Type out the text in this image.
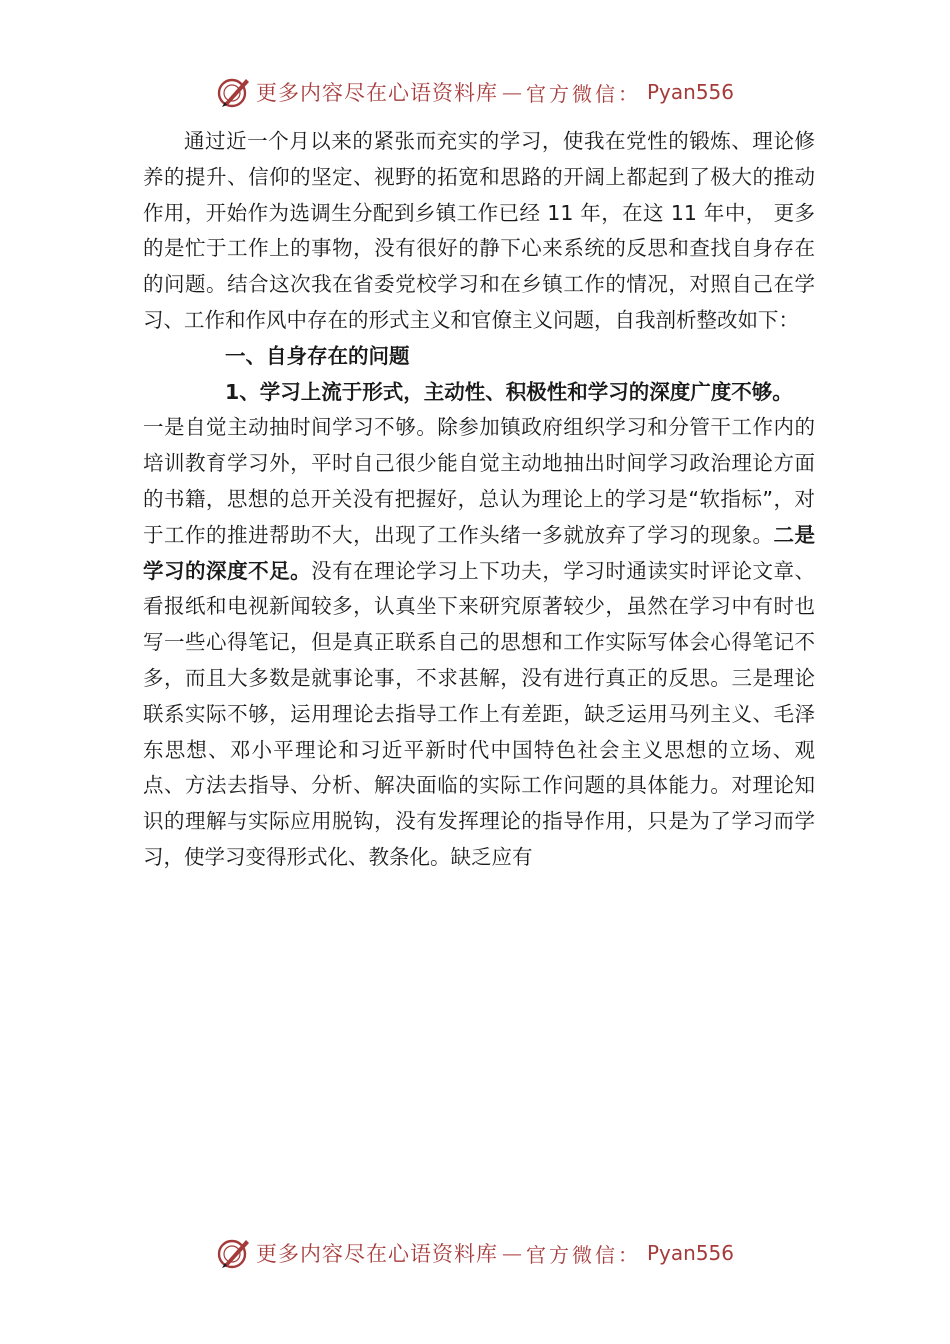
更多内容尽在心语资料库 — 官方微信： Pyan556

通过近一个月以来的紧张而充实的学习，使我在党性的锻炼、理论修养的提升、信仰的坚定、视野的拓宽和思路的开阔上都起到了极大的推动作用，开始作为选调生分配到乡镇工作已经 11 年，在这 11 年中， 更多的是忙于工作上的事物，没有很好的静下心来系统的反思和查找自身存在的问题。结合这次我在省委党校学习和在乡镇工作的情况，对照自己在学习、工作和作风中存在的形式主义和官僚主义问题，自我剖析整改如下：

一、自身存在的问题

1、学习上流于形式，主动性、积极性和学习的深度广度不够。

一是自觉主动抽时间学习不够。除参加镇政府组织学习和分管干工作内的培训教育学习外，平时自己很少能自觉主动地抽出时间学习政治理论方面的书籍，思想的总开关没有把握好，总认为理论上的学习是“软指标”，对于工作的推进帮助不大，出现了工作头绪一多就放弃了学习的现象。二是学习的深度不足。没有在理论学习上下功夫，学习时通读实时评论文章、看报纸和电视新闻较多，认真坐下来研究原著较少，虽然在学习中有时也写一些心得笔记，但是真正联系自己的思想和工作实际写体会心得笔记不多，而且大多数是就事论事，不求甚解，没有进行真正的反思。三是理论联系实际不够，运用理论去指导工作上有差距，缺乏运用马列主义、毛泽东思想、邓小平理论和习近平新时代中国特色社会主义思想的立场、观点、方法去指导、分析、解决面临的实际工作问题的具体能力。对理论知识的理解与实际应用脱钩，没有发挥理论的指导作用，只是为了学习而学习，使学习变得形式化、教条化。缺乏应有

更多内容尽在心语资料库 — 官方微信： Pyan556
